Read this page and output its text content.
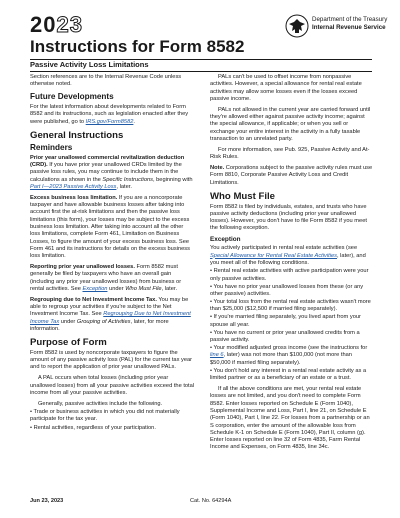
2023
Instructions for Form 8582
Passive Activity Loss Limitations
Department of the Treasury
Internal Revenue Service

Section references are to the Internal Revenue Code unless otherwise noted.

Future Developments

For the latest information about developments related to Form 8582 and its instructions, such as legislation enacted after they were published, go to IRS.gov/Form8582.

General Instructions
Reminders

Prior year unallowed commercial revitalization deduction (CRD). If you have prior year unallowed CRDs limited by the passive loss rules, you may continue to include them in the calculations as shown in the Specific Instructions, beginning with Part I—2023 Passive Activity Loss, later.

Excess business loss limitation. If you are a noncorporate taxpayer and have allowable business losses after taking into account first the at-risk limitations and then the passive loss limitations (this form), your losses may be subject to the excess business loss limitation. After taking into account all the other loss limitations, complete Form 461, Limitation on Business Losses, to figure the amount of your excess business loss. See Form 461 and its instructions for details on the excess business loss limitation.

Reporting prior year unallowed losses. Form 8582 must generally be filed by taxpayers who have an overall gain (including any prior year unallowed losses) from business or rental activities. See Exception under Who Must File, later.

Regrouping due to Net Investment Income Tax. You may be able to regroup your activities if you're subject to the Net Investment Income Tax. See Regrouping Due to Net Investment Income Tax under Grouping of Activities, later, for more information.

Purpose of Form

Form 8582 is used by noncorporate taxpayers to figure the amount of any passive activity loss (PAL) for the current tax year and to report the application of prior year unallowed PALs.

A PAL occurs when total losses (including prior year unallowed losses) from all your passive activities exceed the total income from all your passive activities.

Generally, passive activities include the following.

• Trade or business activities in which you did not materially participate for the tax year.

• Rental activities, regardless of your participation.

PALs can't be used to offset income from nonpassive activities. However, a special allowance for rental real estate activities may allow some losses even if the losses exceed passive income.

PALs not allowed in the current year are carried forward until they're allowed either against passive activity income; against the special allowance, if applicable; or when you sell or exchange your entire interest in the activity in a fully taxable transaction to an unrelated party.

For more information, see Pub. 925, Passive Activity and At-Risk Rules.

Note. Corporations subject to the passive activity rules must use Form 8810, Corporate Passive Activity Loss and Credit Limitations.

Who Must File

Form 8582 is filed by individuals, estates, and trusts who have passive activity deductions (including prior year unallowed losses). However, you don't have to file Form 8582 if you meet the following exception.

Exception

You actively participated in rental real estate activities (see Special Allowance for Rental Real Estate Activities, later), and you meet all of the following conditions.

• Rental real estate activities with active participation were your only passive activities.

• You have no prior year unallowed losses from these (or any other passive) activities.

• Your total loss from the rental real estate activities wasn't more than $25,000 ($12,500 if married filing separately).

• If you're married filing separately, you lived apart from your spouse all year.

• You have no current or prior year unallowed credits from a passive activity.

• Your modified adjusted gross income (see the instructions for line 6, later) was not more than $100,000 (not more than $50,000 if married filing separately).

• You don't hold any interest in a rental real estate activity as a limited partner or as a beneficiary of an estate or a trust.

If all the above conditions are met, your rental real estate losses are not limited, and you don't need to complete Form 8582. Enter losses reported on Schedule E (Form 1040), Supplemental Income and Loss, Part I, line 21, on Schedule E (Form 1040), Part I, line 22. For losses from a partnership or an S corporation, enter the amount of the allowable loss from Schedule K-1 on Schedule E (Form 1040), Part II, column (g). Enter losses reported on line 32 of Form 4835, Farm Rental Income and Expenses, on Form 4835, line 34c.

Jun 23, 2023	Cat. No. 64294A
